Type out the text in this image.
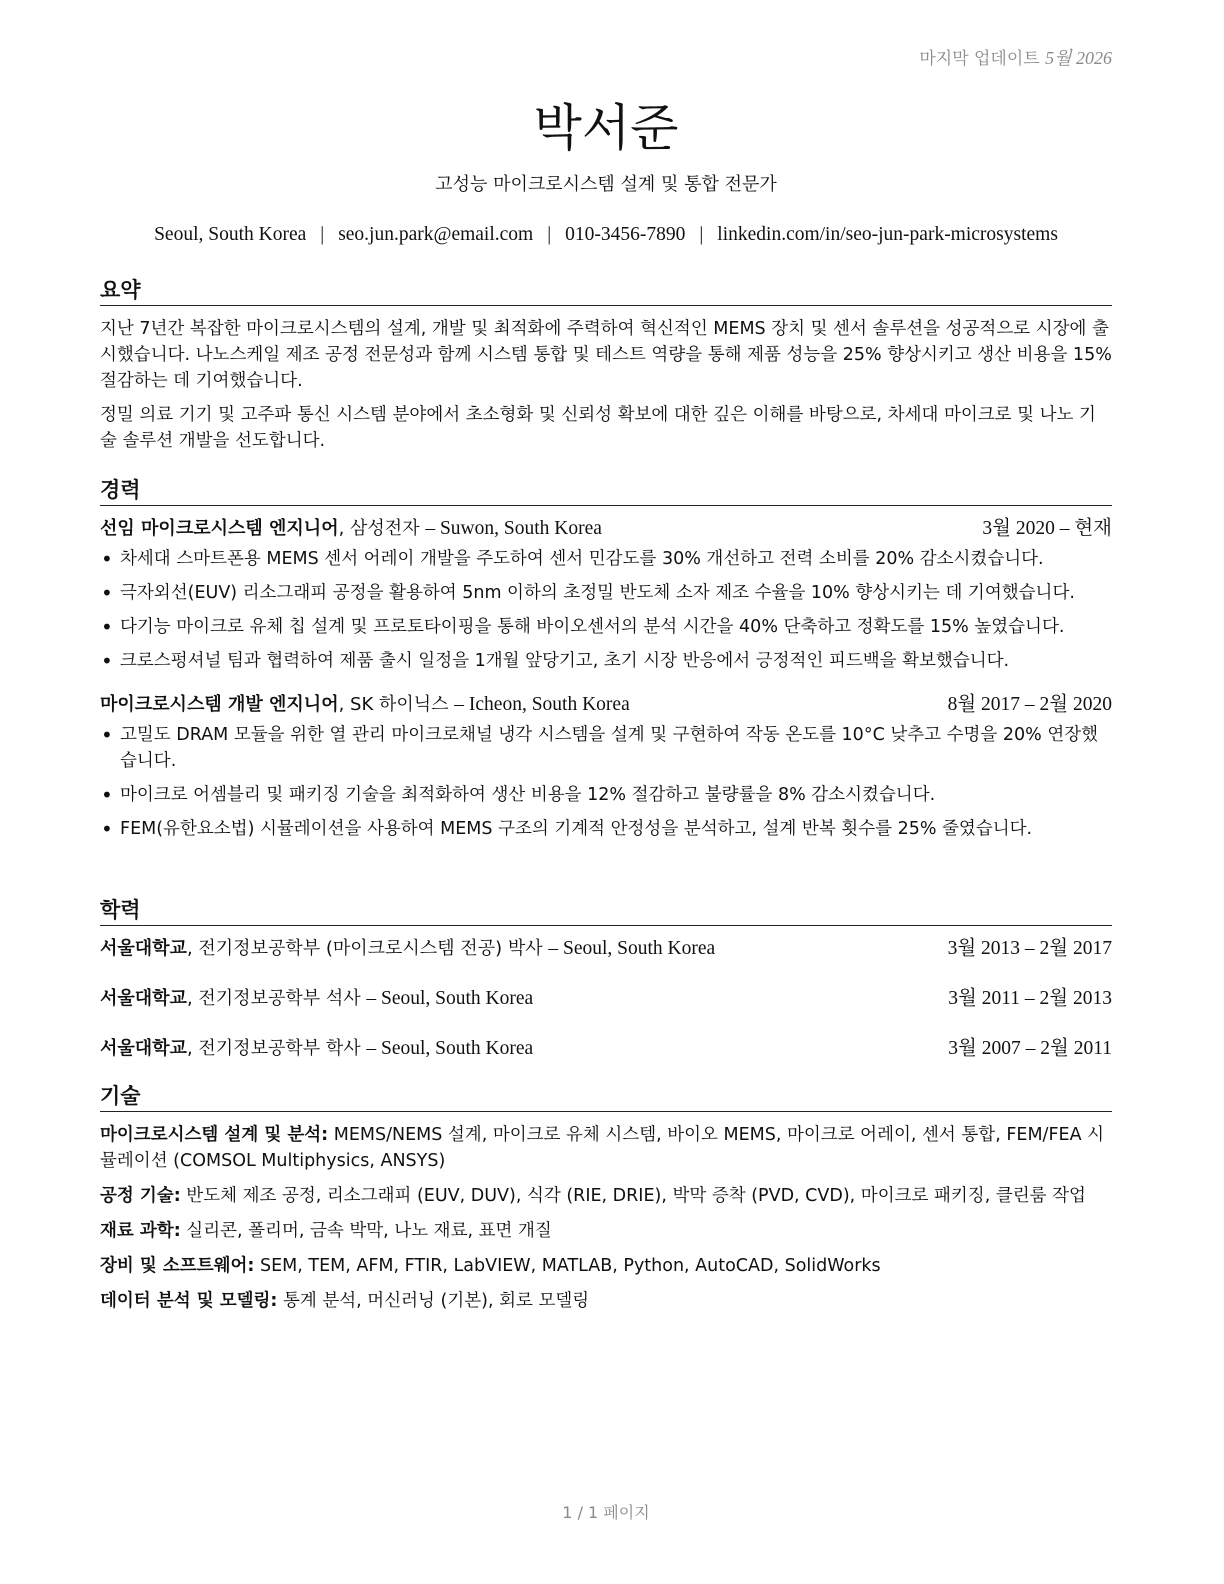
마지막 업데이트 5월 2026
박서준
고성능 마이크로시스템 설계 및 통합 전문가
Seoul, South Korea | seo.jun.park@email.com | 010-3456-7890 | linkedin.com/in/seo-jun-park-microsystems
요약

지난 7년간 복잡한 마이크로시스템의 설계, 개발 및 최적화에 주력하여 혁신적인 MEMS 장치 및 센서 솔루션을 성공적으로 시장에 출시했습니다. 나노스케일 제조 공정 전문성과 함께 시스템 통합 및 테스트 역량을 통해 제품 성능을 25% 향상시키고 생산 비용을 15% 절감하는 데 기여했습니다.

정밀 의료 기기 및 고주파 통신 시스템 분야에서 초소형화 및 신뢰성 확보에 대한 깊은 이해를 바탕으로, 차세대 마이크로 및 나노 기술 솔루션 개발을 선도합니다.

경력
선임 마이크로시스템 엔지니어, 삼성전자 – Suwon, South Korea	3월 2020 – 현재
• 차세대 스마트폰용 MEMS 센서 어레이 개발을 주도하여 센서 민감도를 30% 개선하고 전력 소비를 20% 감소시켰습니다.
• 극자외선(EUV) 리소그래피 공정을 활용하여 5nm 이하의 초정밀 반도체 소자 제조 수율을 10% 향상시키는 데 기여했습니다.
• 다기능 마이크로 유체 칩 설계 및 프로토타이핑을 통해 바이오센서의 분석 시간을 40% 단축하고 정확도를 15% 높였습니다.
• 크로스펑셔널 팀과 협력하여 제품 출시 일정을 1개월 앞당기고, 초기 시장 반응에서 긍정적인 피드백을 확보했습니다.
마이크로시스템 개발 엔지니어, SK 하이닉스 – Icheon, South Korea	8월 2017 – 2월 2020
• 고밀도 DRAM 모듈을 위한 열 관리 마이크로채널 냉각 시스템을 설계 및 구현하여 작동 온도를 10°C 낮추고 수명을 20% 연장했습니다.
• 마이크로 어셈블리 및 패키징 기술을 최적화하여 생산 비용을 12% 절감하고 불량률을 8% 감소시켰습니다.
• FEM(유한요소법) 시뮬레이션을 사용하여 MEMS 구조의 기계적 안정성을 분석하고, 설계 반복 횟수를 25% 줄였습니다.
학력
서울대학교, 전기정보공학부 (마이크로시스템 전공) 박사 – Seoul, South Korea	3월 2013 – 2월 2017
서울대학교, 전기정보공학부 석사 – Seoul, South Korea	3월 2011 – 2월 2013
서울대학교, 전기정보공학부 학사 – Seoul, South Korea	3월 2007 – 2월 2011
기술
마이크로시스템 설계 및 분석: MEMS/NEMS 설계, 마이크로 유체 시스템, 바이오 MEMS, 마이크로 어레이, 센서 통합, FEM/FEA 시뮬레이션 (COMSOL Multiphysics, ANSYS)
공정 기술: 반도체 제조 공정, 리소그래피 (EUV, DUV), 식각 (RIE, DRIE), 박막 증착 (PVD, CVD), 마이크로 패키징, 클린룸 작업
재료 과학: 실리콘, 폴리머, 금속 박막, 나노 재료, 표면 개질
장비 및 소프트웨어: SEM, TEM, AFM, FTIR, LabVIEW, MATLAB, Python, AutoCAD, SolidWorks
데이터 분석 및 모델링: 통계 분석, 머신러닝 (기본), 회로 모델링
1 / 1 페이지
